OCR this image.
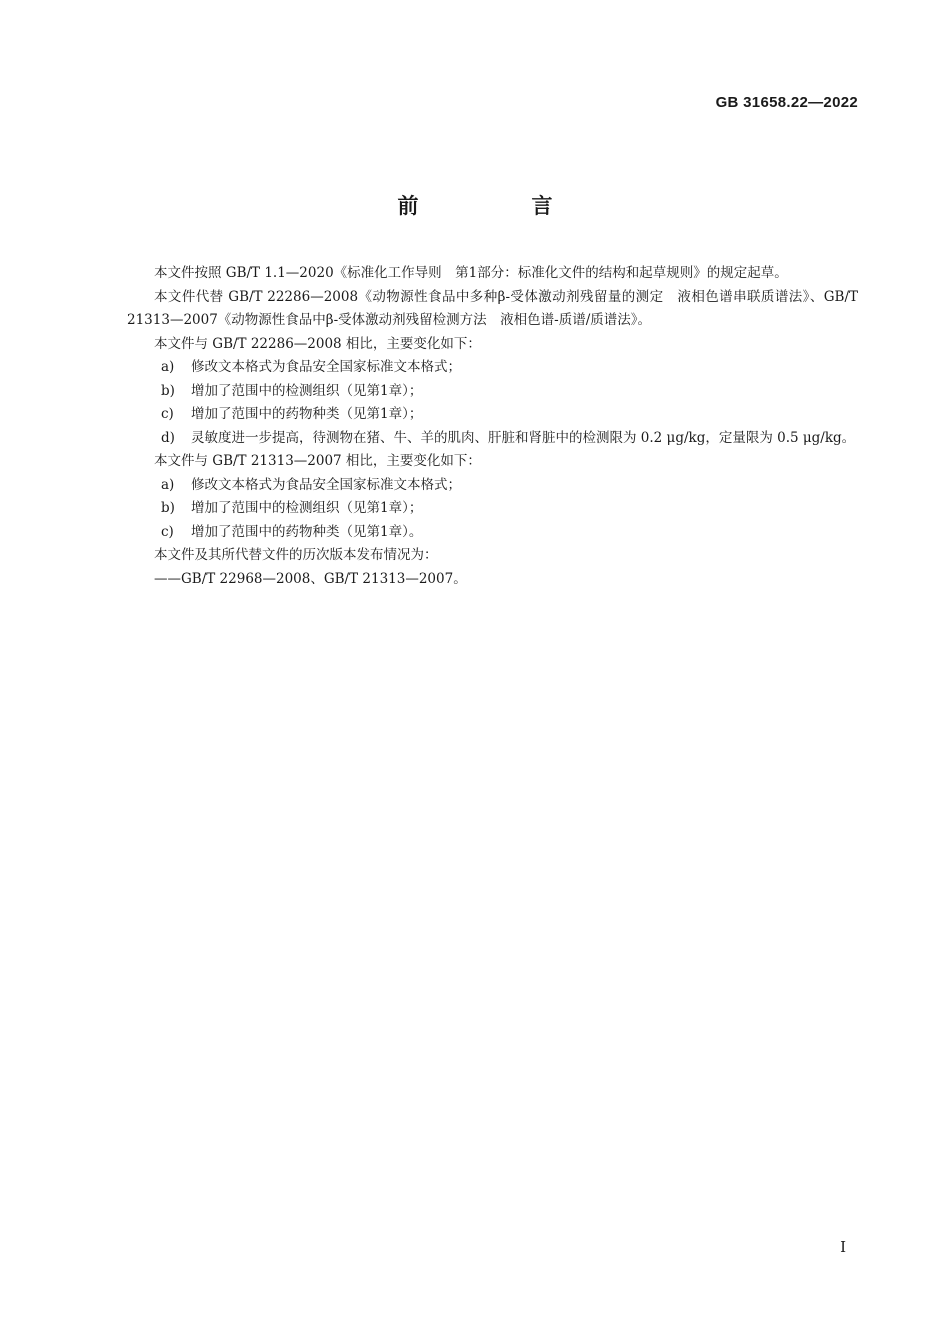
GB 31658.22—2022
前　言

本文件按照 GB/T 1.1—2020《标准化工作导则　第1部分：标准化文件的结构和起草规则》的规定起草。

本文件代替 GB/T 22286—2008《动物源性食品中多种β-受体激动剂残留量的测定　液相色谱串联质谱法》、GB/T 21313—2007《动物源性食品中β-受体激动剂残留检测方法　液相色谱-质谱/质谱法》。

本文件与 GB/T 22286—2008 相比，主要变化如下：

a) 修改文本格式为食品安全国家标准文本格式；

b) 增加了范围中的检测组织（见第1章）；

c) 增加了范围中的药物种类（见第1章）；

d) 灵敏度进一步提高，待测物在猪、牛、羊的肌肉、肝脏和肾脏中的检测限为 0.2 μg/kg，定量限为 0.5 μg/kg。

本文件与 GB/T 21313—2007 相比，主要变化如下：

a) 修改文本格式为食品安全国家标准文本格式；

b) 增加了范围中的检测组织（见第1章）；

c) 增加了范围中的药物种类（见第1章）。

本文件及其所代替文件的历次版本发布情况为：

——GB/T 22968—2008、GB/T 21313—2007。

I
